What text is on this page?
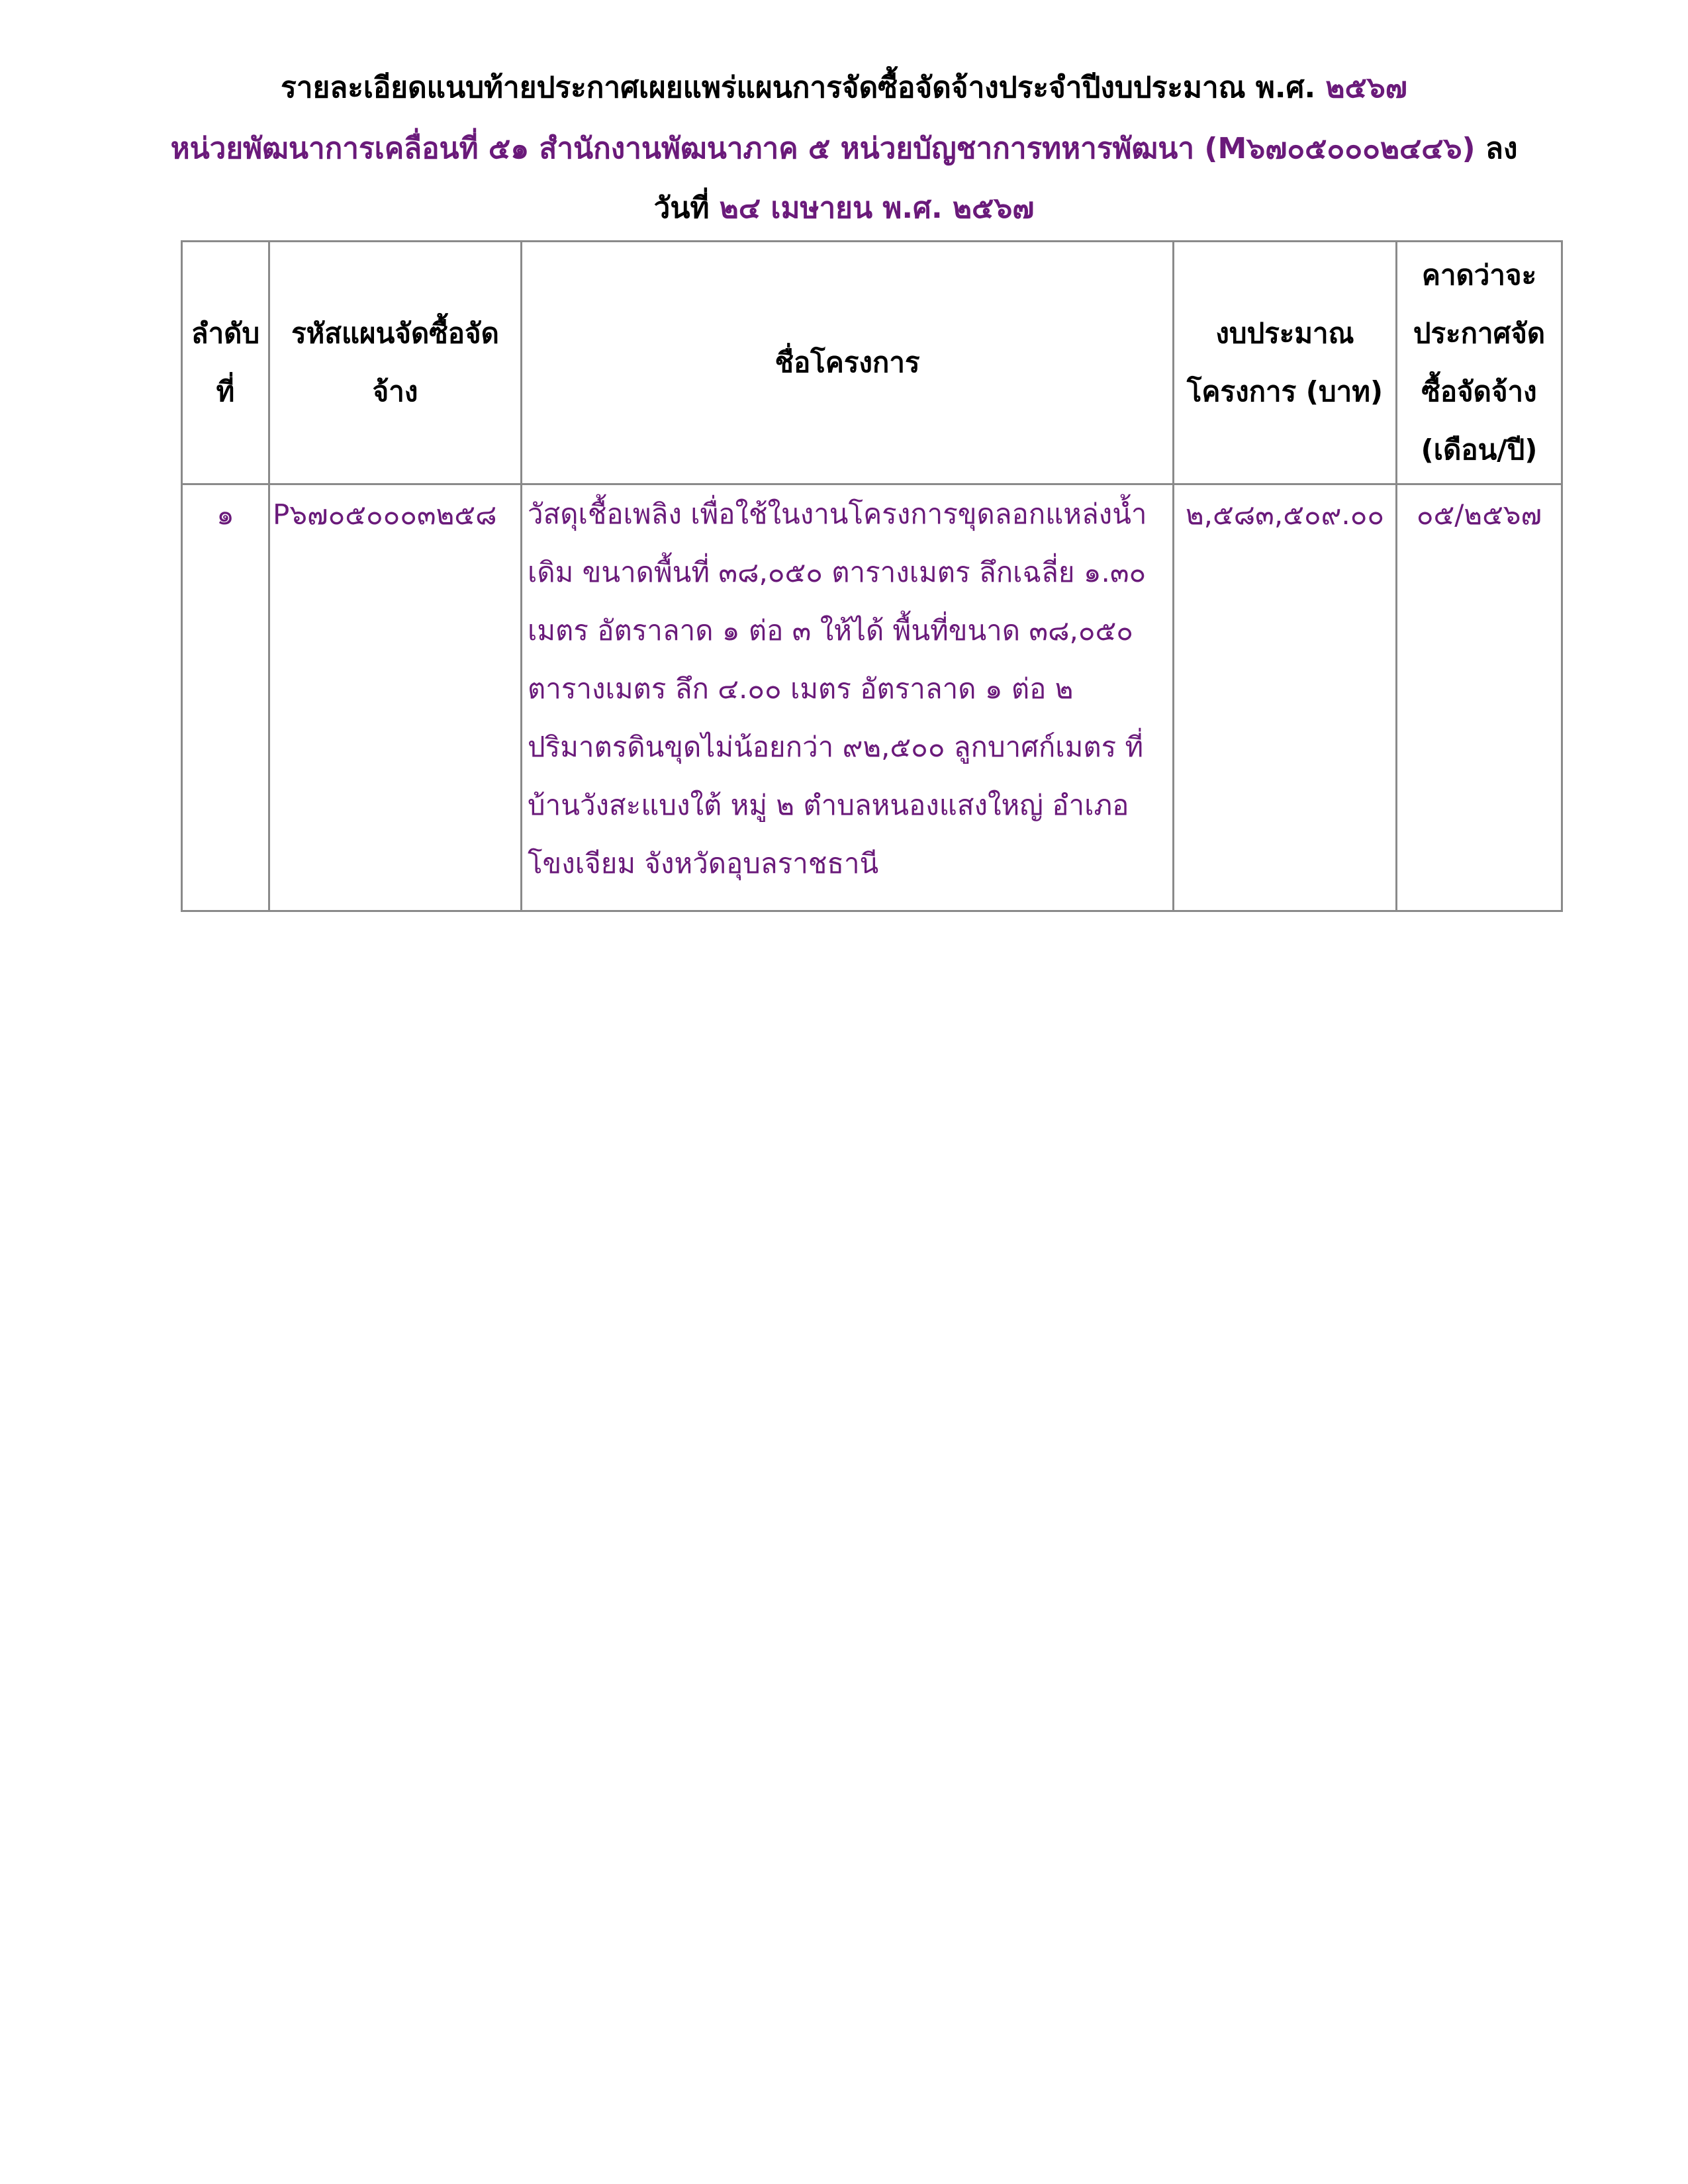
รายละเอียดแนบท้ายประกาศเผยแพร่แผนการจัดซื้อจัดจ้างประจำปีงบประมาณ พ.ศ. ๒๕๖๗
หน่วยพัฒนาการเคลื่อนที่ ๕๑ สำนักงานพัฒนาภาค ๕ หน่วยบัญชาการทหารพัฒนา (M๖๗๐๕๐๐๐๒๔๔๖) ลง
วันที่ ๒๔ เมษายน พ.ศ. ๒๕๖๗
ลำดับที่	รหัสแผนจัดซื้อจัดจ้าง	ชื่อโครงการ	งบประมาณโครงการ (บาท)	คาดว่าจะประกาศจัดซื้อจัดจ้าง (เดือน/ปี)
๑	P๖๗๐๕๐๐๐๓๒๕๘	วัสดุเชื้อเพลิง เพื่อใช้ในงานโครงการขุดลอกแหล่งน้ำเดิม ขนาดพื้นที่ ๓๘,๐๕๐ ตารางเมตร ลึกเฉลี่ย ๑.๓๐ เมตร อัตราลาด ๑ ต่อ ๓ ให้ได้ พื้นที่ขนาด ๓๘,๐๕๐ ตารางเมตร ลึก ๔.๐๐ เมตร อัตราลาด ๑ ต่อ ๒ ปริมาตรดินขุดไม่น้อยกว่า ๙๒,๕๐๐ ลูกบาศก์เมตร ที่ บ้านวังสะแบงใต้ หมู่ ๒ ตำบลหนองแสงใหญ่ อำเภอโขงเจียม จังหวัดอุบลราชธานี	๒,๕๘๓,๕๐๙.๐๐	๐๕/๒๕๖๗
